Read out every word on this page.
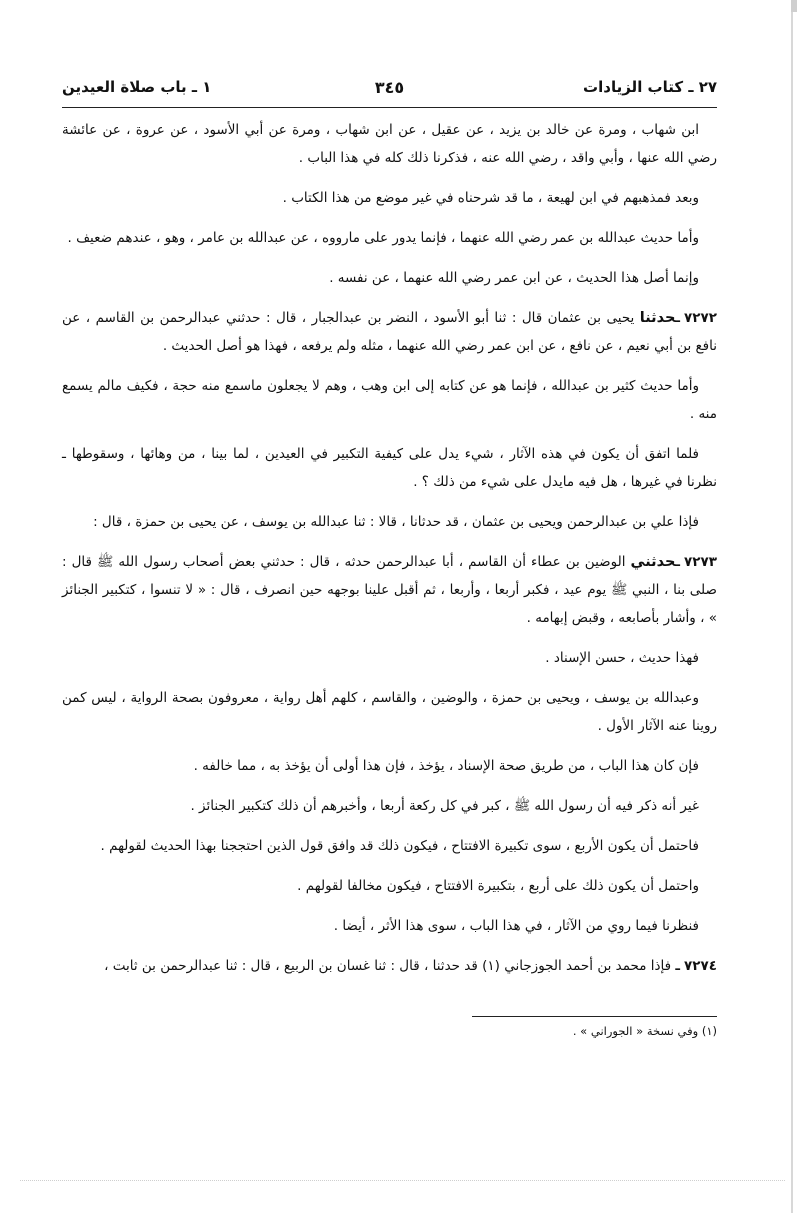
٢٧ ـ كتاب الزيادات
٣٤٥
١ ـ باب صلاة العيدين

ابن شهاب ، ومرة عن خالد بن يزيد ، عن عقيل ، عن ابن شهاب ، ومرة عن أبي الأسود ، عن عروة ، عن عائشة رضي الله عنها ، وأبي واقد ، رضي الله عنه ، فذكرنا ذلك كله في هذا الباب .

وبعد فمذهبهم في ابن لهيعة ، ما قد شرحناه في غير موضع من هذا الكتاب .

وأما حديث عبدالله بن عمر رضي الله عنهما ، فإنما يدور على مارووه ، عن عبدالله بن عامر ، وهو ، عندهم ضعيف .

وإنما أصل هذا الحديث ، عن ابن عمر رضي الله عنهما ، عن نفسه .

٧٢٧٢ـحدثنا يحيى بن عثمان قال : ثنا أبو الأسود ، النضر بن عبدالجبار ، قال : حدثني عبدالرحمن بن القاسم ، عن نافع بن أبي نعيم ، عن نافع ، عن ابن عمر رضي الله عنهما ، مثله ولم يرفعه ، فهذا هو أصل الحديث .

وأما حديث كثير بن عبدالله ، فإنما هو عن كتابه إلى ابن وهب ، وهم لا يجعلون ماسمع منه حجة ، فكيف مالم يسمع منه .

فلما اتفق أن يكون في هذه الآثار ، شيء يدل على كيفية التكبير في العيدين ، لما بينا ، من وهائها ، وسقوطها ـ نظرنا في غيرها ، هل فيه مايدل على شيء من ذلك ؟ .

فإذا علي بن عبدالرحمن ويحيى بن عثمان ، قد حدثانا ، قالا : ثنا عبدالله بن يوسف ، عن يحيى بن حمزة ، قال :

٧٢٧٣ـحدثني الوضين بن عطاء أن القاسم ، أبا عبدالرحمن حدثه ، قال : حدثني بعض أصحاب رسول الله ﷺ قال : صلى بنا ، النبي ﷺ يوم عيد ، فكبر أربعا ، وأربعا ، ثم أقبل علينا بوجهه حين انصرف ، قال : « لا تنسوا ، كتكبير الجنائز » ، وأشار بأصابعه ، وقبض إبهامه .

فهذا حديث ، حسن الإسناد .

وعبدالله بن يوسف ، ويحيى بن حمزة ، والوضين ، والقاسم ، كلهم أهل رواية ، معروفون بصحة الرواية ، ليس كمن روينا عنه الآثار الأول .

فإن كان هذا الباب ، من طريق صحة الإسناد ، يؤخذ ، فإن هذا أولى أن يؤخذ به ، مما خالفه .

غير أنه ذكر فيه أن رسول الله ﷺ ، كبر في كل ركعة أربعا ، وأخبرهم أن ذلك كتكبير الجنائز .

فاحتمل أن يكون الأربع ، سوى تكبيرة الافتتاح ، فيكون ذلك قد وافق قول الذين احتججنا بهذا الحديث لقولهم .

واحتمل أن يكون ذلك على أربع ، بتكبيرة الافتتاح ، فيكون مخالفا لقولهم .

فنظرنا فيما روي من الآثار ، في هذا الباب ، سوى هذا الأثر ، أيضا .

٧٢٧٤ـ فإذا محمد بن أحمد الجوزجاني (١) قد حدثنا ، قال : ثنا غسان بن الربيع ، قال : ثنا عبدالرحمن بن ثابت ،

(١) وفي نسخة « الجوراني » .
